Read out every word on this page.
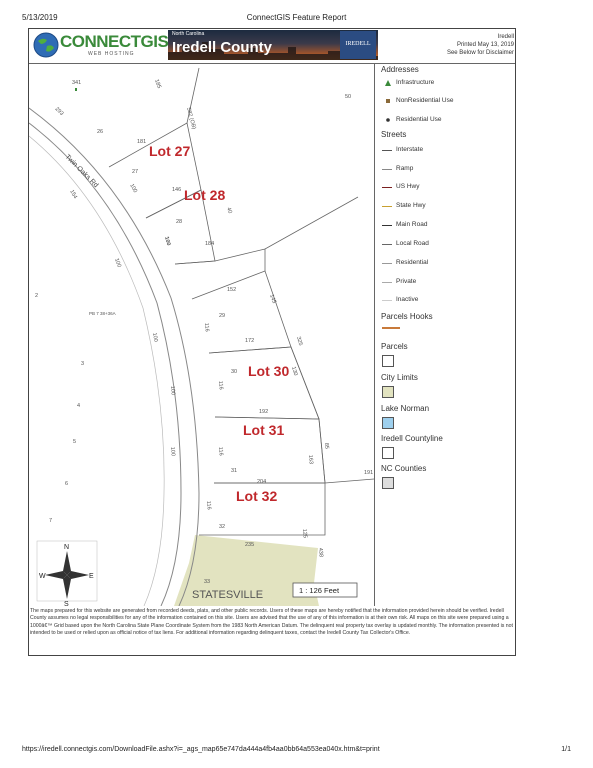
5/13/2019	ConnectGIS Feature Report
CONNECTGIS
WEB HOSTING
North Carolina
Iredell County	IREDELL
Iredell
Printed May 13, 2019
See Below for Disclaimer
Lot 27
Lot 28
Lot 30
Lot 31
Lot 32
Twin Oaks Rd
STATESVILLE
341
50
293
26
185
582 (OB)
181
27
100	146
154
28
40
100	184
100
2
152
145
PB 7 38+36A	29
116
172	325
100
3
30	130
116
100
192
4
116
85
100
5
31
163
191
6	204
116
7
32
125
235
438
33
1 : 126 Feet
N
S
W	E
Addresses
Infrastructure
NonResidential Use
Residential Use
Streets
Interstate
Ramp
US Hwy
State Hwy
Main Road
Local Road
Residential
Private
Inactive
Parcels Hooks
Parcels
City Limits
Lake Norman
Iredell Countyline
NC Counties
The maps prepared for this website are generated from recorded deeds, plats, and other public records. Users of these maps are hereby notified that the information provided herein should be verified. Iredell County assumes no legal responsibilities for any of the information contained on this site. Users are advised that the use of any of this information is at their own risk. All maps on this site were prepared using a 1000â€™ Grid based upon the North Carolina State Plane Coordinate System from the 1983 North American Datum. The delinquent real property tax overlay is updated monthly. The information presented is not intended to be used or relied upon as official notice of tax liens. For additional information regarding delinquent taxes, contact the Iredell County Tax Collector's Office.
https://iredell.connectgis.com/DownloadFile.ashx?i=_ags_map65e747da444a4fb4aa0bb64a553ea040x.htm&t=print	1/1
